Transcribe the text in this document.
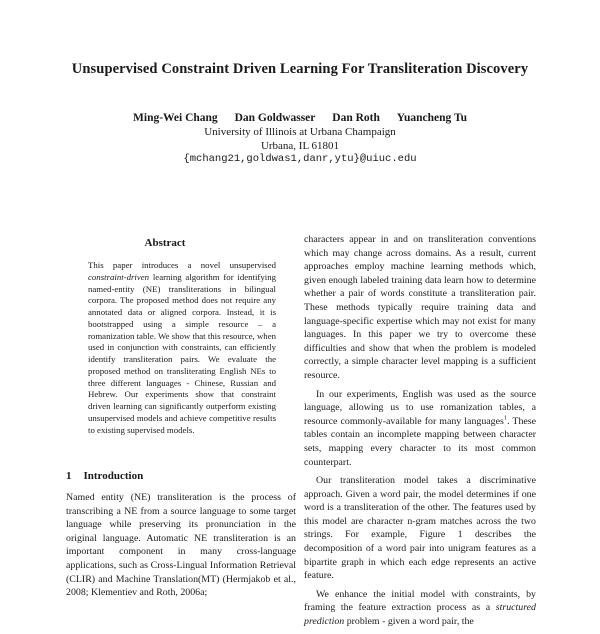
Unsupervised Constraint Driven Learning For Transliteration Discovery
Ming-Wei Chang Dan Goldwasser Dan Roth Yuancheng Tu
University of Illinois at Urbana Champaign
Urbana, IL 61801
{mchang21,goldwas1,danr,ytu}@uiuc.edu
Abstract
This paper introduces a novel unsupervised constraint-driven learning algorithm for identifying named-entity (NE) transliterations in bilingual corpora. The proposed method does not require any annotated data or aligned corpora. Instead, it is bootstrapped using a simple resource – a romanization table. We show that this resource, when used in conjunction with constraints, can efficiently identify transliteration pairs. We evaluate the proposed method on transliterating English NEs to three different languages - Chinese, Russian and Hebrew. Our experiments show that constraint driven learning can significantly outperform existing unsupervised models and achieve competitive results to existing supervised models.
1 Introduction
Named entity (NE) transliteration is the process of transcribing a NE from a source language to some target language while preserving its pronunciation in the original language. Automatic NE transliteration is an important component in many cross-language applications, such as Cross-Lingual Information Retrieval (CLIR) and Machine Translation(MT) (Hermjakob et al., 2008; Klementiev and Roth, 2006a;

characters appear in and on transliteration conventions which may change across domains. As a result, current approaches employ machine learning methods which, given enough labeled training data learn how to determine whether a pair of words constitute a transliteration pair. These methods typically require training data and language-specific expertise which may not exist for many languages. In this paper we try to overcome these difficulties and show that when the problem is modeled correctly, a simple character level mapping is a sufficient resource.

In our experiments, English was used as the source language, allowing us to use romanization tables, a resource commonly-available for many languages$^1$. These tables contain an incomplete mapping between character sets, mapping every character to its most common counterpart.

Our transliteration model takes a discriminative approach. Given a word pair, the model determines if one word is a transliteration of the other. The features used by this model are character n-gram matches across the two strings. For example, Figure 1 describes the decomposition of a word pair into unigram features as a bipartite graph in which each edge represents an active feature.

We enhance the initial model with constraints, by framing the feature extraction process as a structured prediction problem - given a word pair, the
